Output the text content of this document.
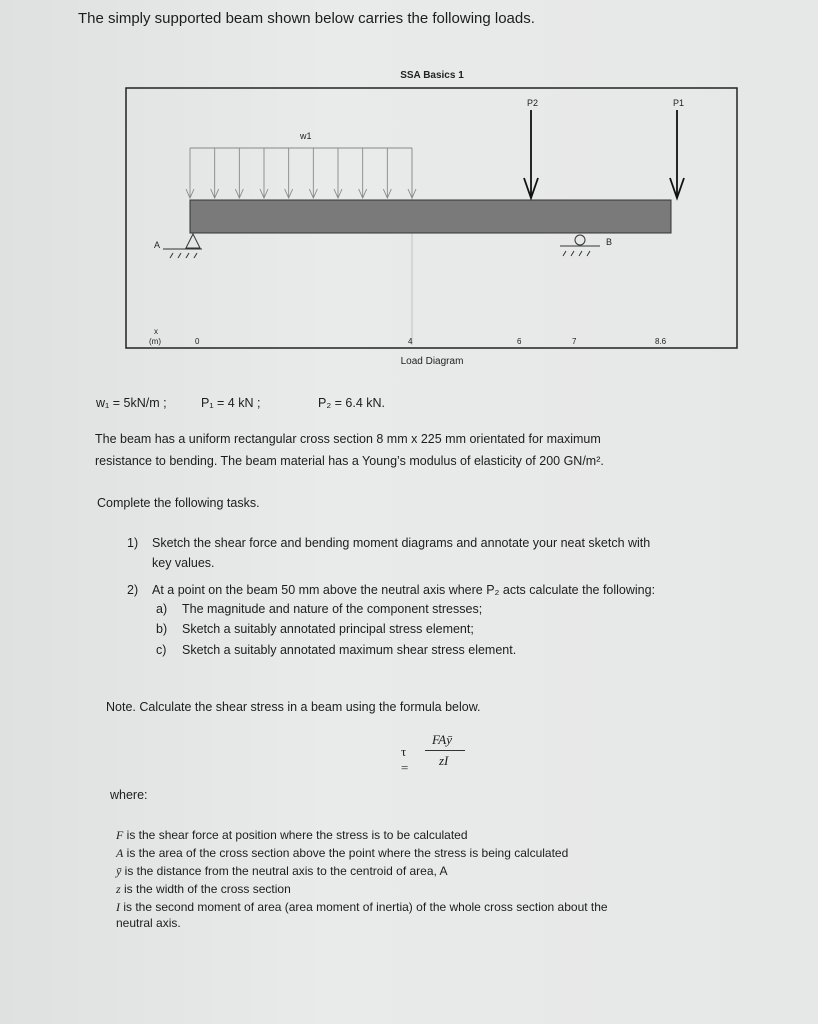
The simply supported beam shown below carries the following loads.
SSA Basics 1
w1
P2	P1
A	B
x
(m)	0	4	6	7	8.6
Load Diagram
w₁ = 5kN/m ;	P₁ = 4 kN ;	P₂ = 6.4 kN.
The beam has a uniform rectangular cross section 8 mm x 225 mm orientated for maximum
resistance to bending. The beam material has a Young’s modulus of elasticity of 200 GN/m².
Complete the following tasks.
1) Sketch the shear force and bending moment diagrams and annotate your neat sketch with
key values.
2) At a point on the beam 50 mm above the neutral axis where P₂ acts calculate the following:
a) The magnitude and nature of the component stresses;
b) Sketch a suitably annotated principal stress element;
c) Sketch a suitably annotated maximum shear stress element.
Note. Calculate the shear stress in a beam using the formula below.
τ =
FAȳ
zI
where:
F is the shear force at position where the stress is to be calculated
A is the area of the cross section above the point where the stress is being calculated
ȳ is the distance from the neutral axis to the centroid of area, A
z is the width of the cross section
I is the second moment of area (area moment of inertia) of the whole cross section about the
neutral axis.
